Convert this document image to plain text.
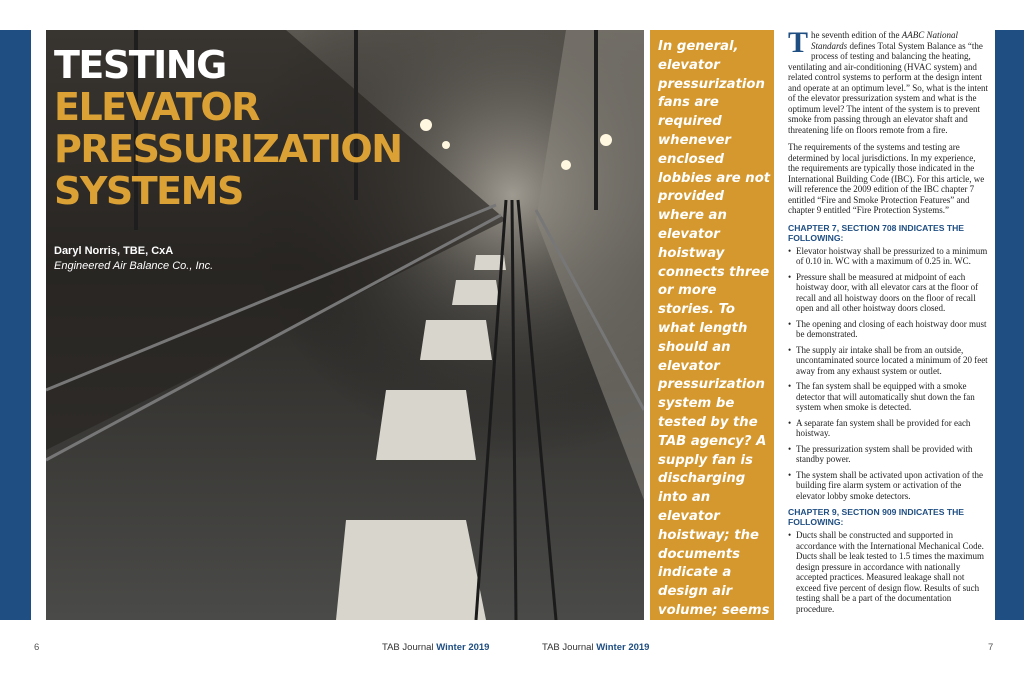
TESTING
ELEVATOR
PRESSURIZATION
SYSTEMS
Daryl Norris, TBE, CxA
Engineered Air Balance Co., Inc.

In general, elevator pressurization fans are required whenever enclosed lobbies are not provided where an elevator hoistway connects three or more stories. To what length should an elevator pressurization system be tested by the TAB agency? A supply fan is discharging into an elevator hoistway; the documents indicate a design air volume; seems simple and straight-forward.

The seventh edition of the AABC National Standards defines Total System Balance as “the process of testing and balancing the heating, ventilating and air-conditioning (HVAC system) and related control systems to perform at the design intent and operate at an optimum level.” So, what is the intent of the elevator pressurization system and what is the optimum level? The intent of the system is to prevent smoke from passing through an elevator shaft and threatening life on floors remote from a fire.

The requirements of the systems and testing are determined by local jurisdictions. In my experience, the requirements are typically those indicated in the International Building Code (IBC). For this article, we will reference the 2009 edition of the IBC chapter 7 entitled “Fire and Smoke Protection Features” and chapter 9 entitled “Fire Protection Systems.”

CHAPTER 7, SECTION 708 INDICATES THE FOLLOWING:
• Elevator hoistway shall be pressurized to a minimum of 0.10 in. WC with a maximum of 0.25 in. WC.
• Pressure shall be measured at midpoint of each hoistway door, with all elevator cars at the floor of recall and all hoistway doors on the floor of recall open and all other hoistway doors closed.
• The opening and closing of each hoistway door must be demonstrated.
• The supply air intake shall be from an outside, uncontaminated source located a minimum of 20 feet away from any exhaust system or outlet.
• The fan system shall be equipped with a smoke detector that will automatically shut down the fan system when smoke is detected.
• A separate fan system shall be provided for each hoistway.
• The pressurization system shall be provided with standby power.
• The system shall be activated upon activation of the building fire alarm system or activation of the elevator lobby smoke detectors.
CHAPTER 9, SECTION 909 INDICATES THE FOLLOWING:
• Ducts shall be constructed and supported in accordance with the International Mechanical Code. Ducts shall be leak tested to 1.5 times the maximum design pressure in accordance with nationally accepted practices. Measured leakage shall not exceed five percent of design flow. Results of such testing shall be a part of the documentation procedure.
6	TAB Journal Winter 2019	TAB Journal Winter 2019	7
